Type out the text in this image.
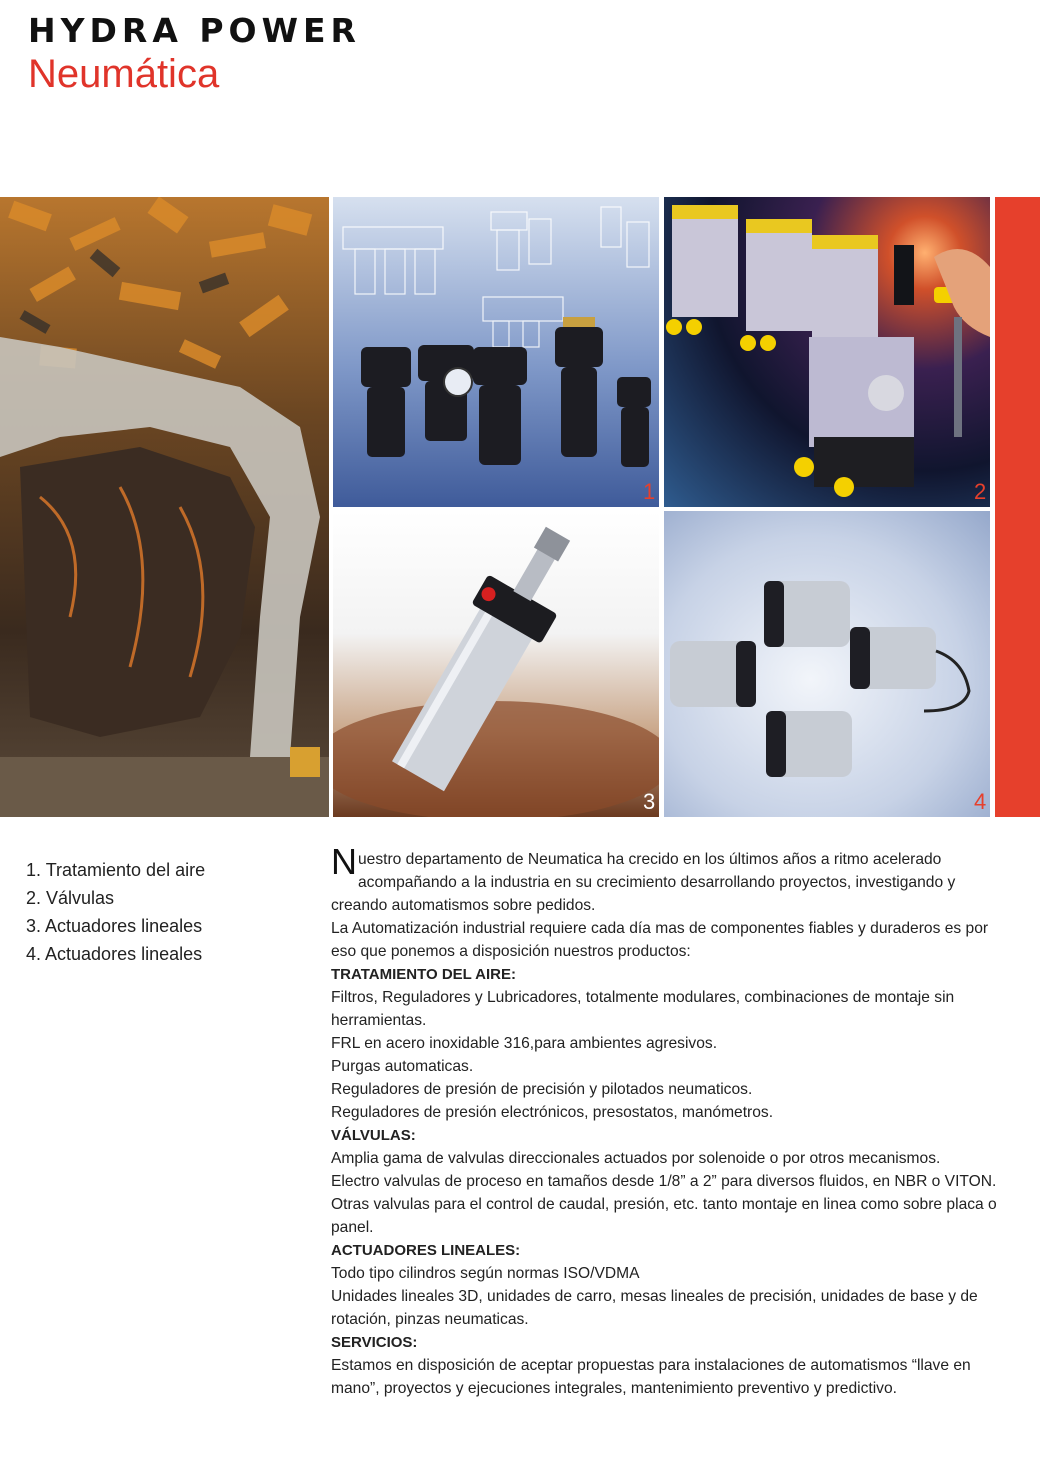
HYDRA POWER
Neumática
1	2
3	4
1. Tratamiento del aire
2. Válvulas
3. Actuadores lineales
4. Actuadores lineales

Nuestro departamento de Neumatica ha crecido en los últimos años a ritmo acelerado acompañando a la industria en su crecimiento desarrollando proyectos, investigando y creando automatismos sobre pedidos.

La Automatización industrial requiere cada día mas de componentes fiables y duraderos es por eso que ponemos a disposición nuestros productos:

TRATAMIENTO DEL AIRE:

Filtros, Reguladores y Lubricadores, totalmente modulares, combinaciones de montaje sin herramientas.

FRL en acero inoxidable 316,para ambientes agresivos.

Purgas automaticas.

Reguladores de presión de precisión y pilotados neumaticos.

Reguladores de presión electrónicos, presostatos, manómetros.

VÁLVULAS:

Amplia gama de valvulas direccionales actuados por solenoide o por otros mecanismos.

Electro valvulas de proceso en tamaños desde 1/8” a 2” para diversos fluidos, en NBR o VITON.

Otras valvulas para el control de caudal, presión, etc. tanto montaje en linea como sobre placa o panel.

ACTUADORES LINEALES:

Todo tipo cilindros según normas ISO/VDMA

Unidades lineales 3D, unidades de carro, mesas lineales de precisión, unidades de base y de rotación, pinzas neumaticas.

SERVICIOS:

Estamos en disposición de aceptar propuestas para instalaciones de automatismos “llave en mano”, proyectos y ejecuciones integrales, mantenimiento preventivo y predictivo.
